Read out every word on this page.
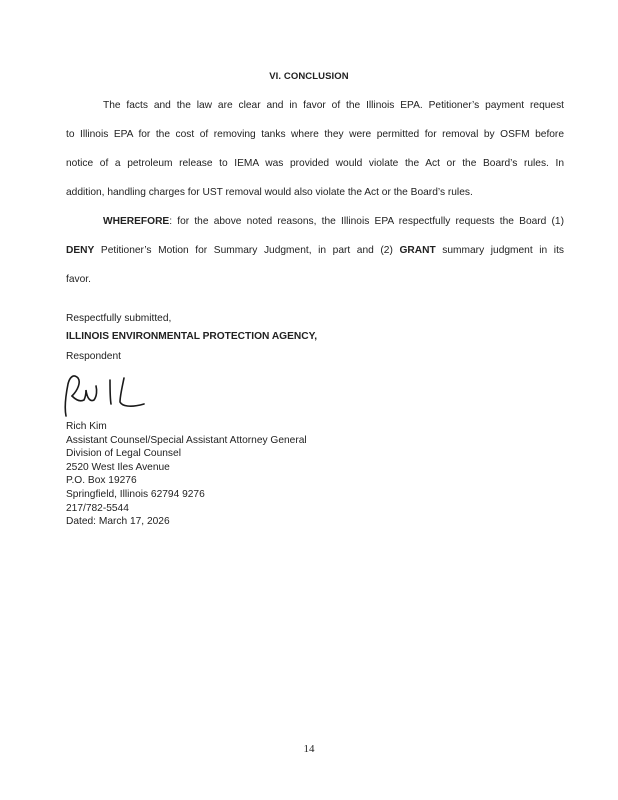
VI. CONCLUSION
The facts and the law are clear and in favor of the Illinois EPA. Petitioner’s payment request
to Illinois EPA for the cost of removing tanks where they were permitted for removal by OSFM before
notice of a petroleum release to IEMA was provided would violate the Act or the Board’s rules. In
addition, handling charges for UST removal would also violate the Act or the Board’s rules.
WHEREFORE: for the above noted reasons, the Illinois EPA respectfully requests the Board (1)
DENY Petitioner’s Motion for Summary Judgment, in part and (2) GRANT summary judgment in its
favor.
Respectfully submitted,
ILLINOIS ENVIRONMENTAL PROTECTION AGENCY,
Respondent
Rich Kim
Assistant Counsel/Special Assistant Attorney General
Division of Legal Counsel
2520 West Iles Avenue
P.O. Box 19276
Springfield, Illinois 62794 9276
217/782-5544
Dated: March 17, 2026
14
